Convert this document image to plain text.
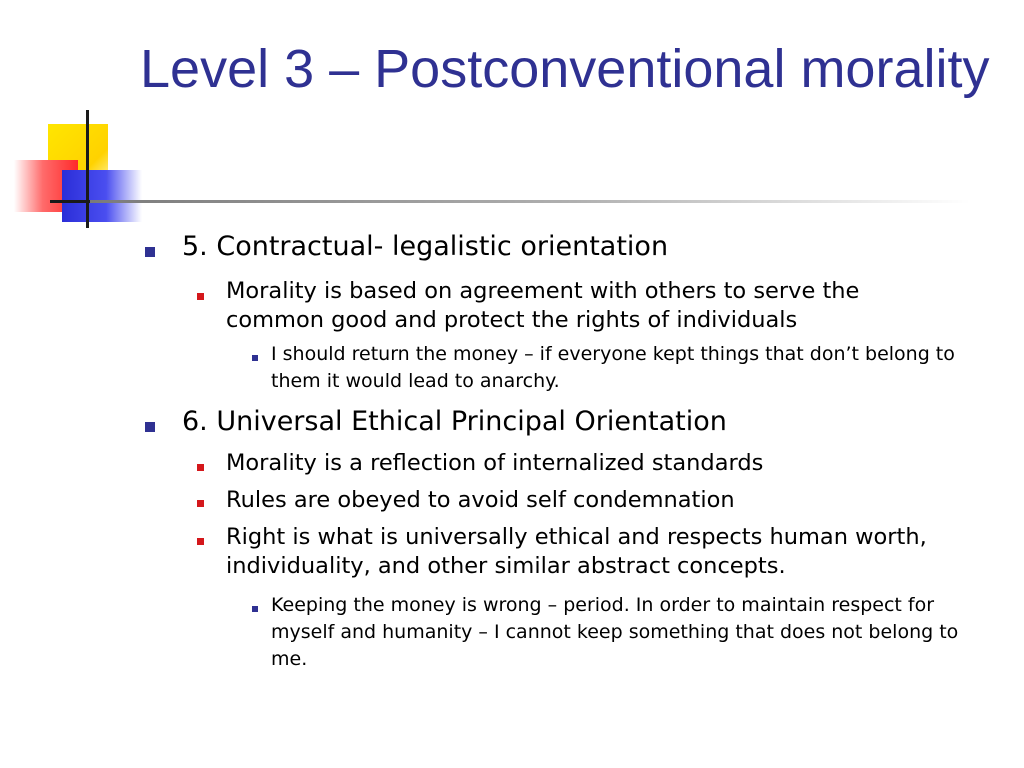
Level 3 – Postconventional morality
5. Contractual- legalistic orientation
Morality is based on agreement with others to serve the common good and protect the rights of individuals
I should return the money – if everyone kept things that don’t belong to them it would lead to anarchy.
6. Universal Ethical Principal Orientation
Morality is a reflection of internalized standards
Rules are obeyed to avoid self condemnation
Right is what is universally ethical and respects human worth, individuality, and other similar abstract concepts.
Keeping the money is wrong – period. In order to maintain respect for myself and humanity – I cannot keep something that does not belong to me.
